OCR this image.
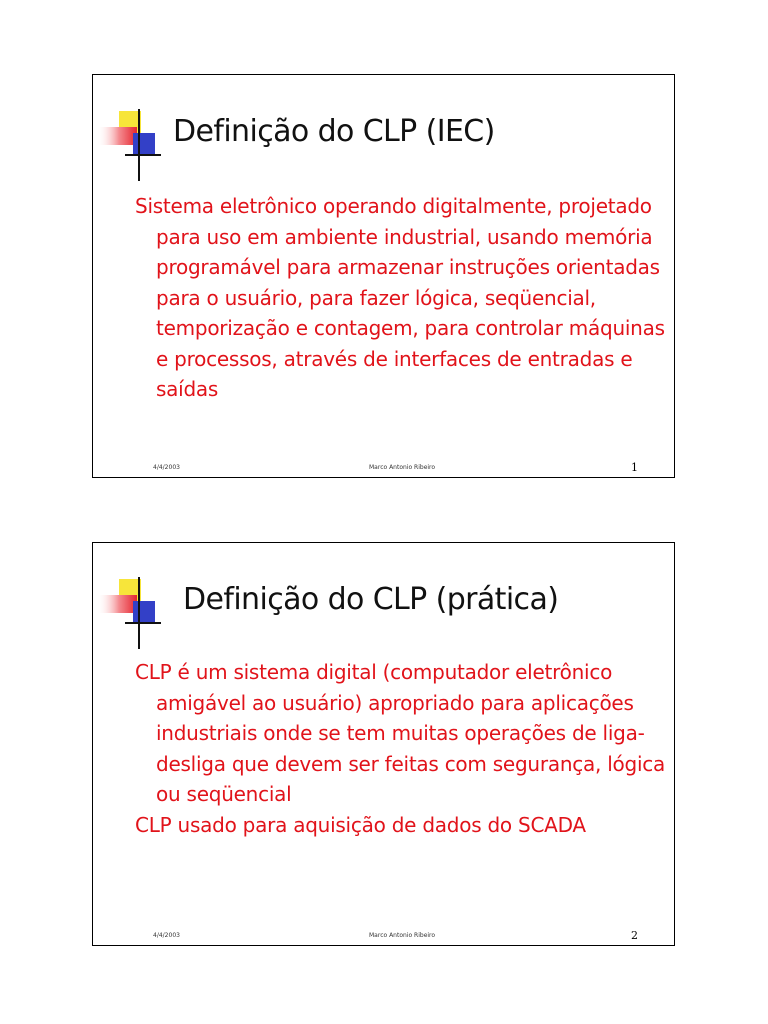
Definição do CLP (IEC)
Sistema eletrônico operando digitalmente, projetado para uso em ambiente industrial, usando memória programável para armazenar instruções orientadas para o usuário, para fazer lógica, seqüencial, temporização e contagem, para controlar máquinas e processos, através de interfaces de entradas e saídas
4/4/2003	Marco Antonio Ribeiro	1
Definição do CLP (prática)
CLP é um sistema digital (computador eletrônico amigável ao usuário) apropriado para aplicações industriais onde se tem muitas operações de liga-desliga que devem ser feitas com segurança, lógica ou seqüencial
CLP usado para aquisição de dados do SCADA
4/4/2003	Marco Antonio Ribeiro	2
